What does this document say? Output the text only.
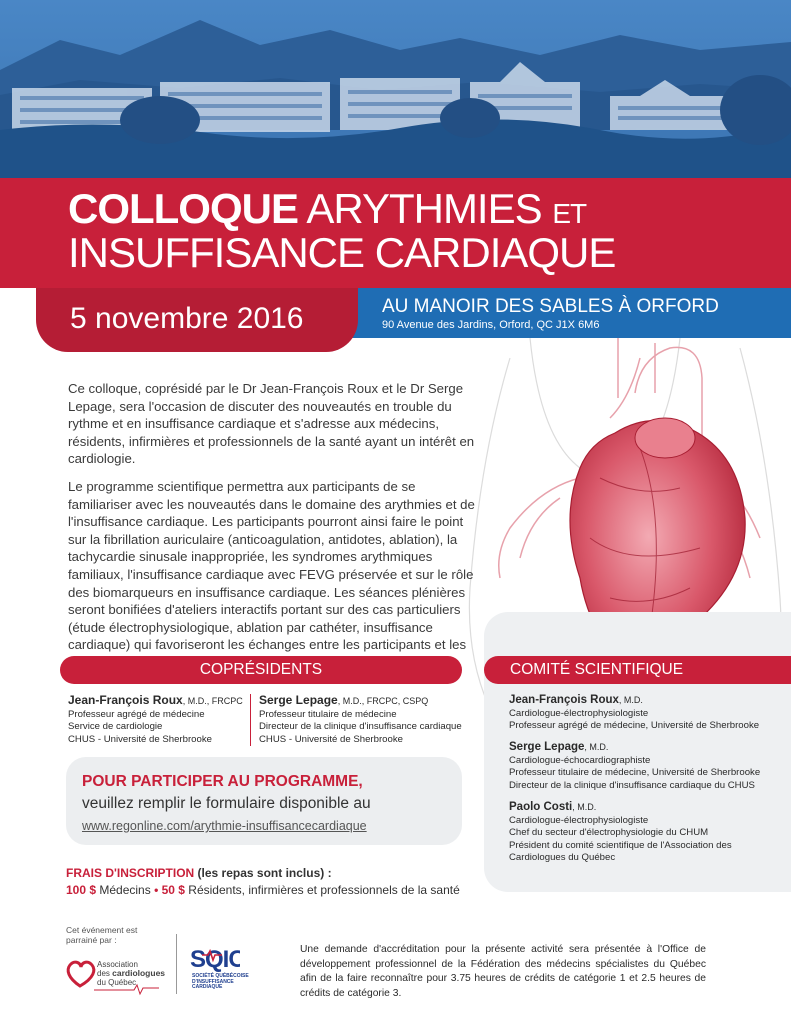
COLLOQUE ARYTHMIES ET
INSUFFISANCE CARDIAQUE
5 novembre 2016	AU MANOIR DES SABLES À ORFORD
90 Avenue des Jardins, Orford, QC J1X 6M6

Ce colloque, coprésidé par le Dr Jean-François Roux et le Dr Serge Lepage, sera l'occasion de discuter des nouveautés en trouble du rythme et en insuffisance cardiaque et s'adresse aux médecins, résidents, infirmières et professionnels de la santé ayant un intérêt en cardiologie.

Le programme scientifique permettra aux participants de se familiariser avec les nouveautés dans le domaine des arythmies et de l'insuffisance cardiaque. Les participants pourront ainsi faire le point sur la fibrillation auriculaire (anticoagulation, antidotes, ablation), la tachycardie sinusale inappropriée, les syndromes arythmiques familiaux, l'insuffisance cardiaque avec FEVG préservée et sur le rôle des biomarqueurs en insuffisance cardiaque. Les séances plénières seront bonifiées d'ateliers interactifs portant sur des cas particuliers (étude électrophysiologique, ablation par cathéter, insuffisance cardiaque) qui favoriseront les échanges entre les participants et les

COPRÉSIDENTS	COMITÉ SCIENTIFIQUE
Jean-François Roux, M.D., FRCPC
Professeur agrégé de médecine
Service de cardiologie
CHUS - Université de Sherbrooke
Serge Lepage, M.D., FRCPC, CSPQ
Professeur titulaire de médecine
Directeur de la clinique d'insuffisance cardiaque
CHUS - Université de Sherbrooke
POUR PARTICIPER AU PROGRAMME,
veuillez remplir le formulaire disponible au
www.regonline.com/arythmie-insuffisancecardiaque
FRAIS D'INSCRIPTION (les repas sont inclus) :
100 $ Médecins • 50 $ Résidents, infirmières et professionnels de la santé
Jean-François Roux, M.D.
Cardiologue-électrophysiologiste
Professeur agrégé de médecine, Université de Sherbrooke
Serge Lepage, M.D.
Cardiologue-échocardiographiste
Professeur titulaire de médecine, Université de Sherbrooke
Directeur de la clinique d'insuffisance cardiaque du CHUS
Paolo Costi, M.D.
Cardiologue-électrophysiologiste
Chef du secteur d'électrophysiologie du CHUM
Président du comité scientifique de l'Association des
Cardiologues du Québec
Cet événement est parrainé par :
Association
des cardiologues
du Québec
SQIC
SOCIÉTÉ QUÉBÉCOISE D'INSUFFISANCE CARDIAQUE
Une demande d'accréditation pour la présente activité sera présentée à l'Office de développement professionnel de la Fédération des médecins spécialistes du Québec afin de la faire reconnaître pour 3.75 heures de crédits de catégorie 1 et 2.5 heures de crédits de catégorie 3.
